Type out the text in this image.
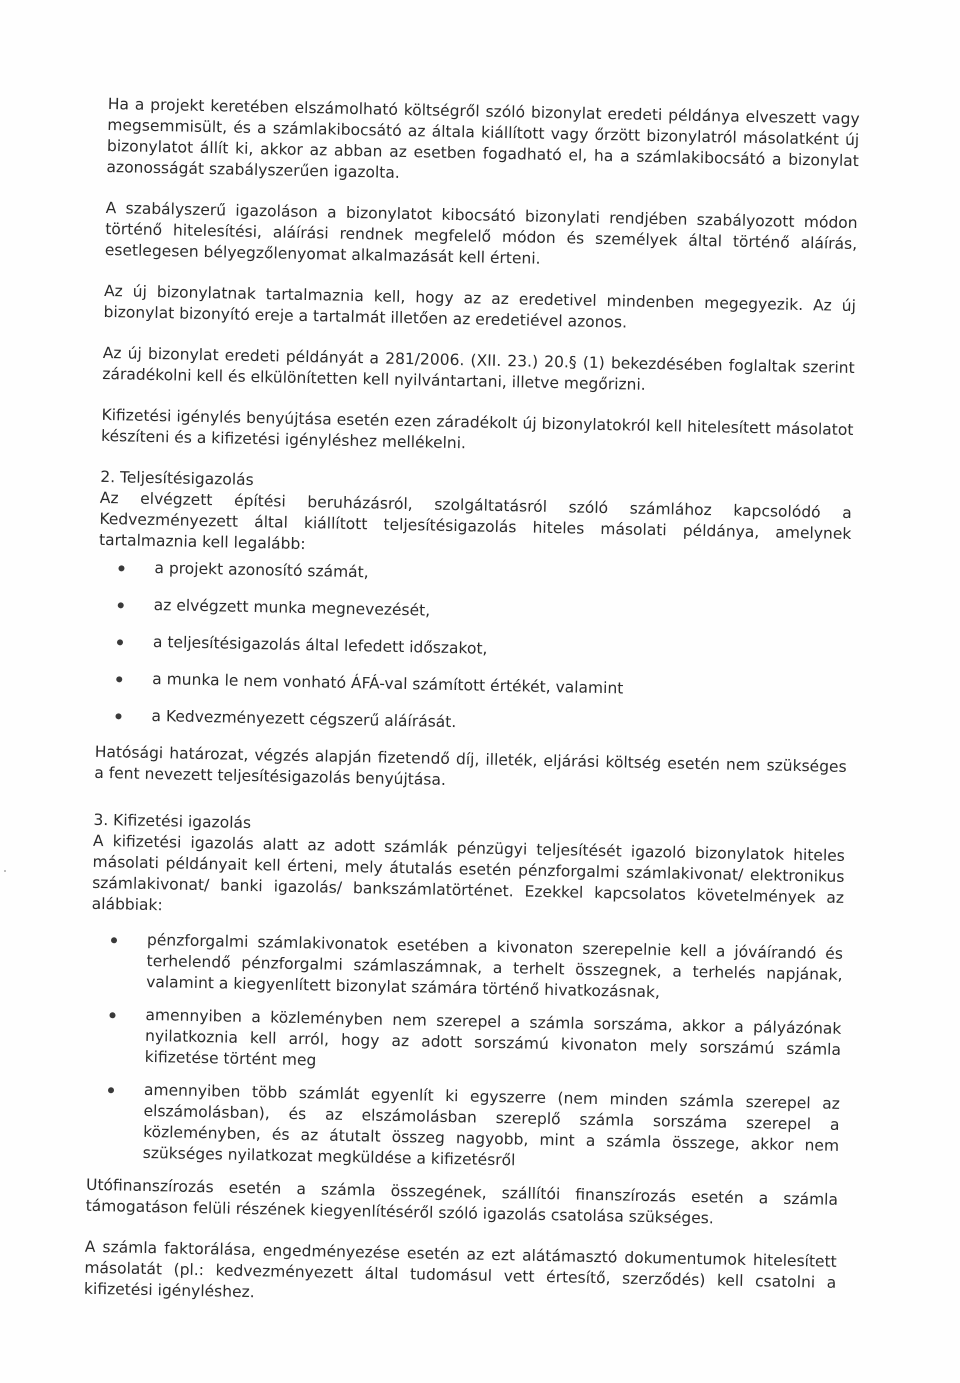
Ha a projekt keretében elszámolható költségről szóló bizonylat eredeti példánya elveszett vagy megsemmisült, és a számlakibocsátó az általa kiállított vagy őrzött bizonylatról másolatként új bizonylatot állít ki, akkor az abban az esetben fogadható el, ha a számlakibocsátó a bizonylat azonosságát szabályszerűen igazolta.

A szabályszerű igazoláson a bizonylatot kibocsátó bizonylati rendjében szabályozott módon történő hitelesítési, aláírási rendnek megfelelő módon és személyek által történő aláírás, esetlegesen bélyegzőlenyomat alkalmazását kell érteni.

Az új bizonylatnak tartalmaznia kell, hogy az az eredetivel mindenben megegyezik. Az új bizonylat bizonyító ereje a tartalmát illetően az eredetiével azonos.

Az új bizonylat eredeti példányát a 281/2006. (XII. 23.) 20.§ (1) bekezdésében foglaltak szerint záradékolni kell és elkülönítetten kell nyilvántartani, illetve megőrizni.

Kifizetési igénylés benyújtása esetén ezen záradékolt új bizonylatokról kell hitelesített másolatot készíteni és a kifizetési igényléshez mellékelni.

2. Teljesítésigazolás

Az elvégzett építési beruházásról, szolgáltatásról szóló számlához kapcsolódó a Kedvezményezett által kiállított teljesítésigazolás hiteles másolati példánya, amelynek tartalmaznia kell legalább:

a projekt azonosító számát,
az elvégzett munka megnevezését,
a teljesítésigazolás által lefedett időszakot,
a munka le nem vonható ÁFÁ-val számított értékét, valamint
a Kedvezményezett cégszerű aláírását.

Hatósági határozat, végzés alapján fizetendő díj, illeték, eljárási költség esetén nem szükséges a fent nevezett teljesítésigazolás benyújtása.

3. Kifizetési igazolás

A kifizetési igazolás alatt az adott számlák pénzügyi teljesítését igazoló bizonylatok hiteles másolati példányait kell érteni, mely átutalás esetén pénzforgalmi számlakivonat/ elektronikus számlakivonat/ banki igazolás/ bankszámlatörténet. Ezekkel kapcsolatos követelmények az alábbiak:

pénzforgalmi számlakivonatok esetében a kivonaton szerepelnie kell a jóváírandó és terhelendő pénzforgalmi számlaszámnak, a terhelt összegnek, a terhelés napjának, valamint a kiegyenlített bizonylat számára történő hivatkozásnak,
amennyiben a közleményben nem szerepel a számla sorszáma, akkor a pályázónak nyilatkoznia kell arról, hogy az adott sorszámú kivonaton mely sorszámú számla kifizetése történt meg
amennyiben több számlát egyenlít ki egyszerre (nem minden számla szerepel az elszámolásban), és az elszámolásban szereplő számla sorszáma szerepel a közleményben, és az átutalt összeg nagyobb, mint a számla összege, akkor nem szükséges nyilatkozat megküldése a kifizetésről

Utófinanszírozás esetén a számla összegének, szállítói finanszírozás esetén a számla támogatáson felüli részének kiegyenlítéséről szóló igazolás csatolása szükséges.

A számla faktorálása, engedményezése esetén az ezt alátámasztó dokumentumok hitelesített másolatát (pl.: kedvezményezett által tudomásul vett értesítő, szerződés) kell csatolni a kifizetési igényléshez.
